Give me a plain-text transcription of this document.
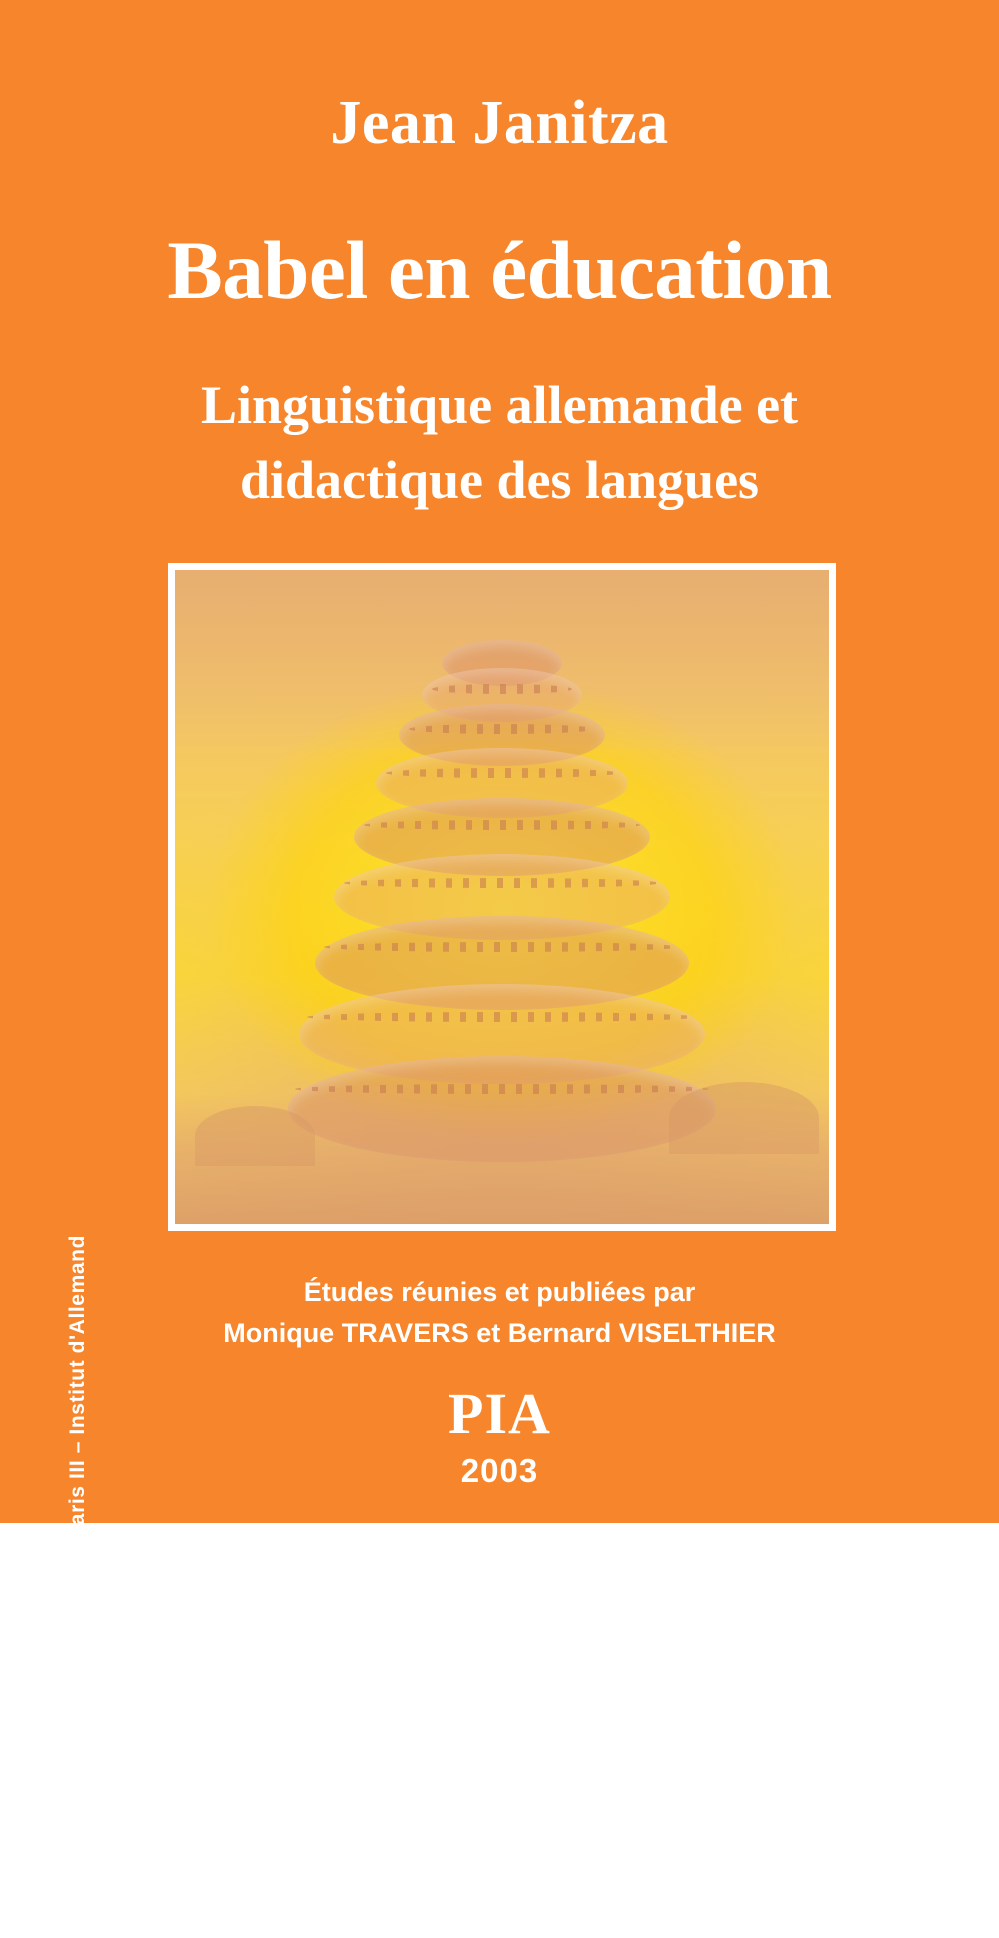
Université de la Sorbonne Nouvelle – Paris III – Institut d'Allemand
Jean Janitza
Babel en éducation
Linguistique allemande et
didactique des langues
Études réunies et publiées par
Monique TRAVERS et Bernard VISELTHIER
PIA
2003
